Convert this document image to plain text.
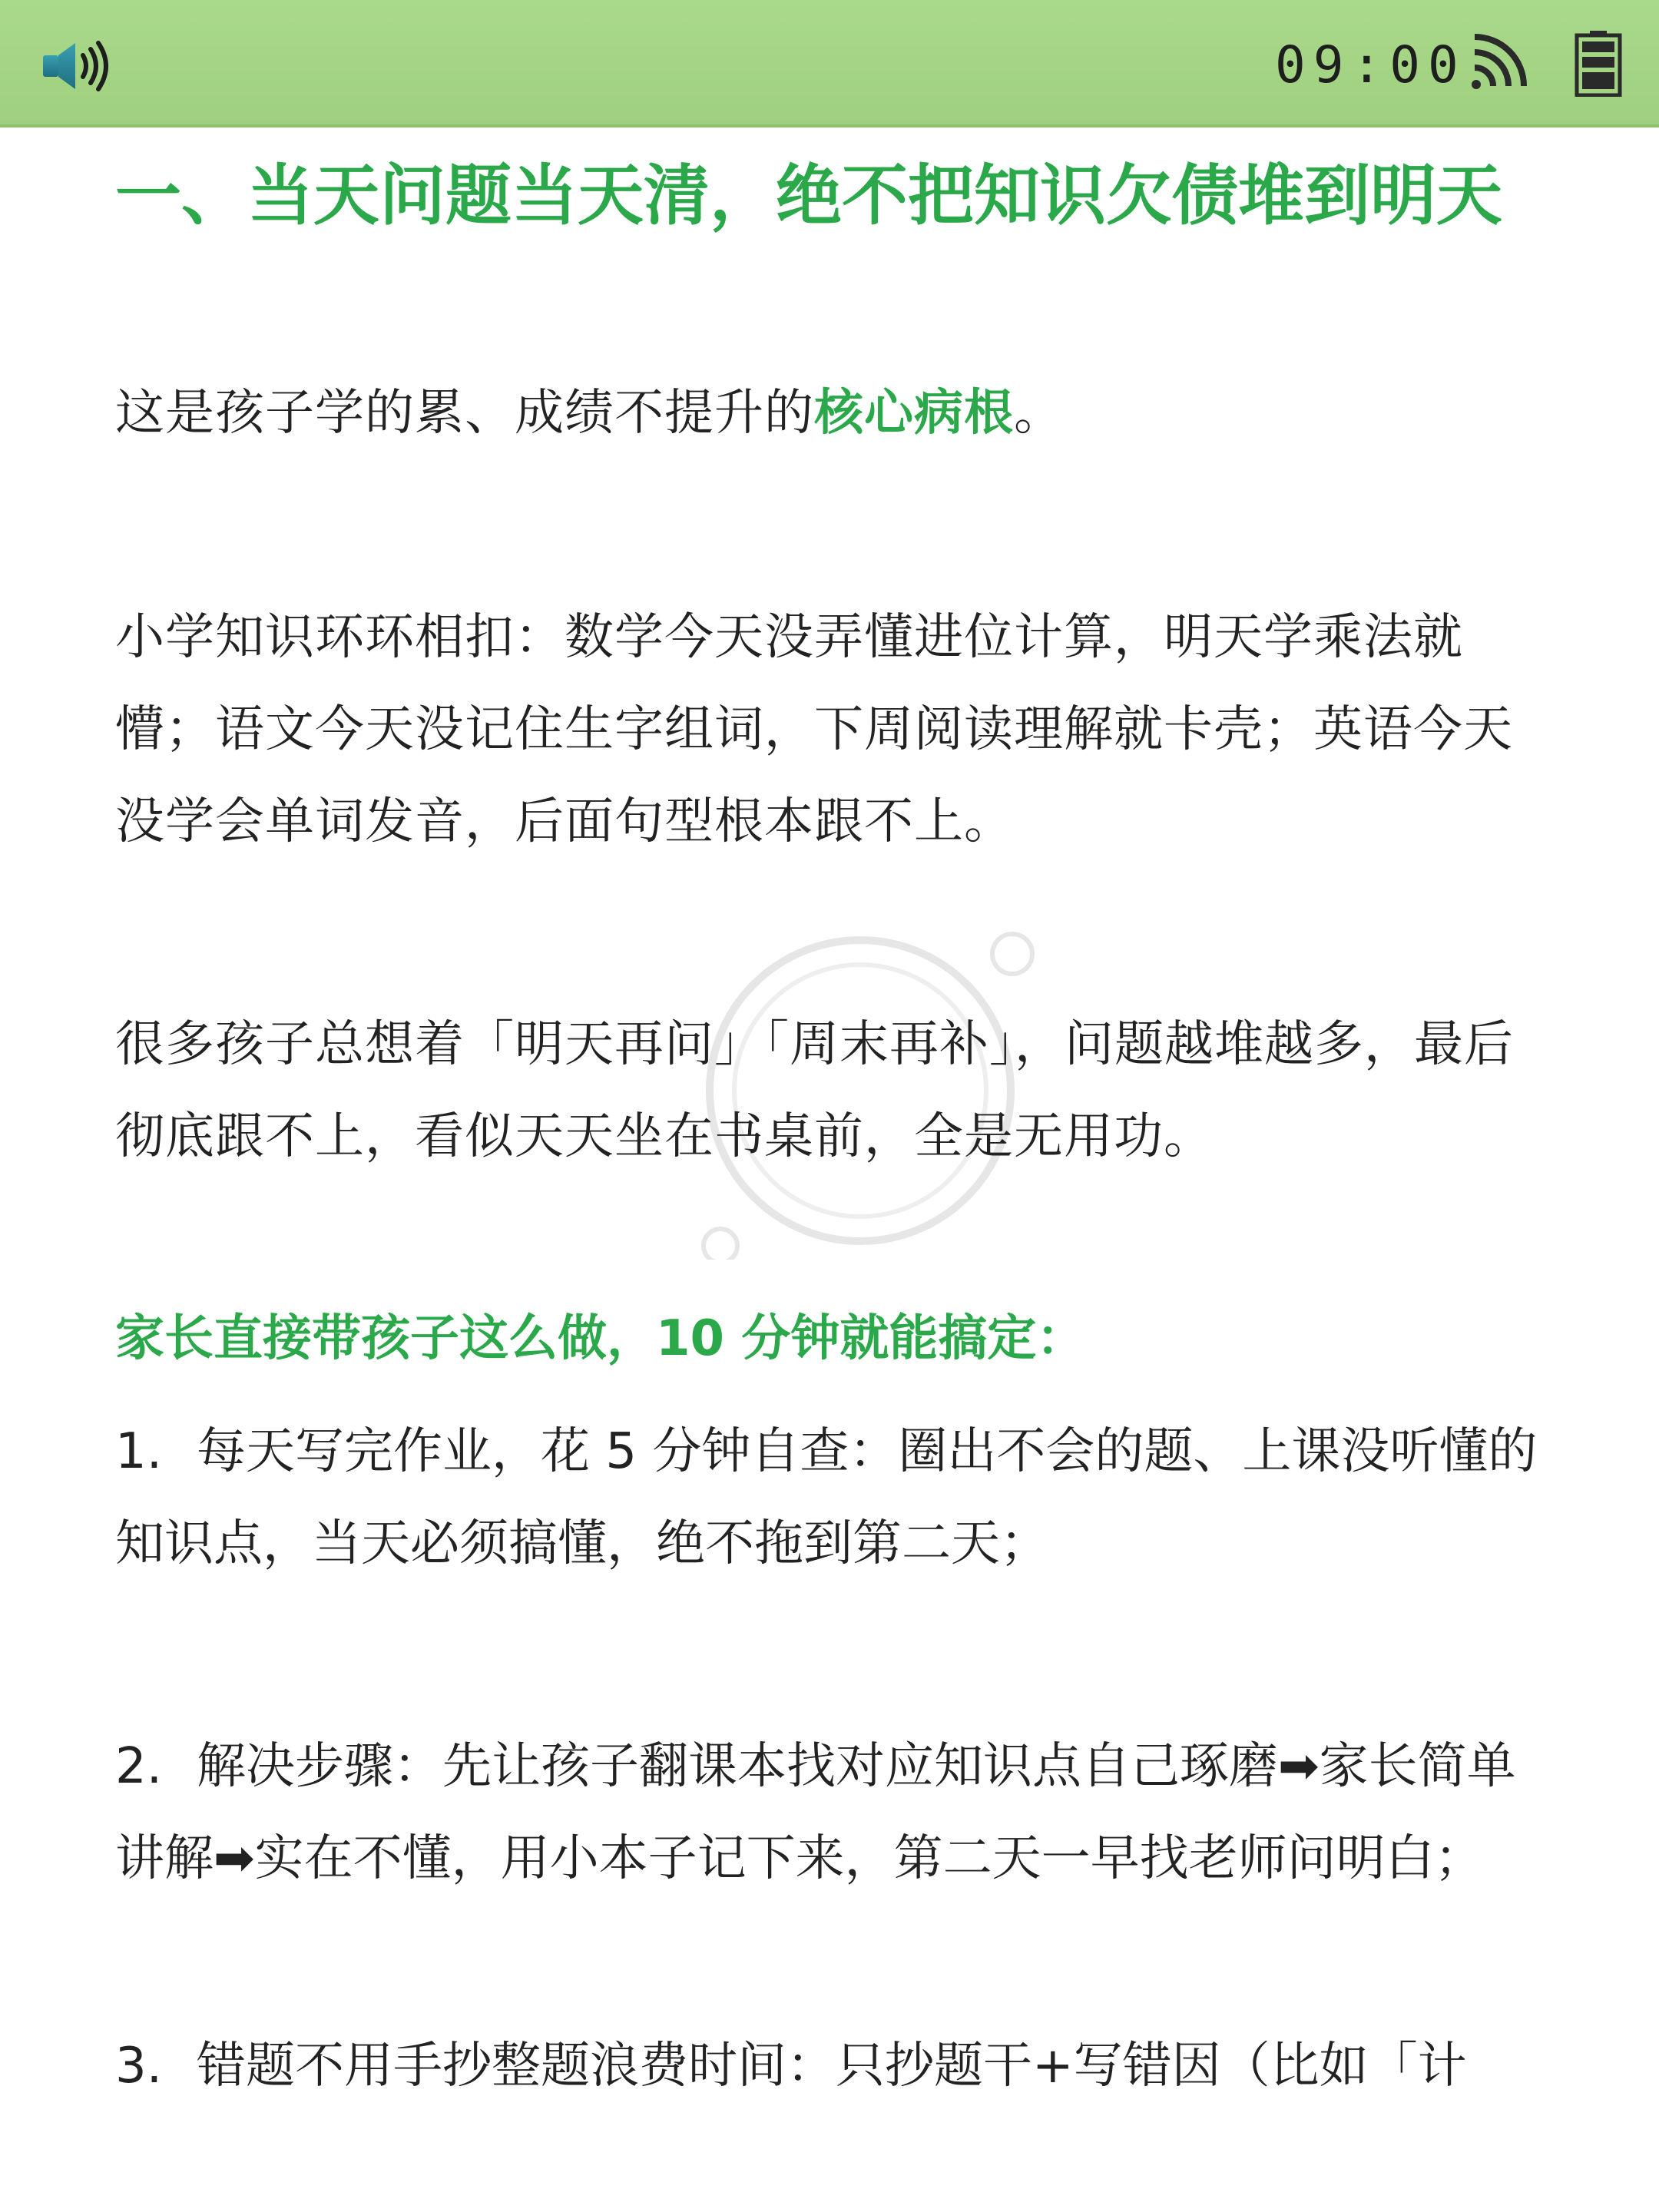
09:00
一、当天问题当天清，绝不把知识欠债堆到明天
这是孩子学的累、成绩不提升的核心病根。
小学知识环环相扣：数学今天没弄懂进位计算，明天学乘法就懵；语文今天没记住生字组词，下周阅读理解就卡壳；英语今天没学会单词发音，后面句型根本跟不上。
很多孩子总想着「明天再问」「周末再补」，问题越堆越多，最后彻底跟不上，看似天天坐在书桌前，全是无用功。
家长直接带孩子这么做，10 分钟就能搞定：
1. 每天写完作业，花 5 分钟自查：圈出不会的题、上课没听懂的知识点，当天必须搞懂，绝不拖到第二天；
2. 解决步骤：先让孩子翻课本找对应知识点自己琢磨➡家长简单讲解➡实在不懂，用小本子记下来，第二天一早找老师问明白；
3. 错题不用手抄整题浪费时间：只抄题干+写错因（比如「计
